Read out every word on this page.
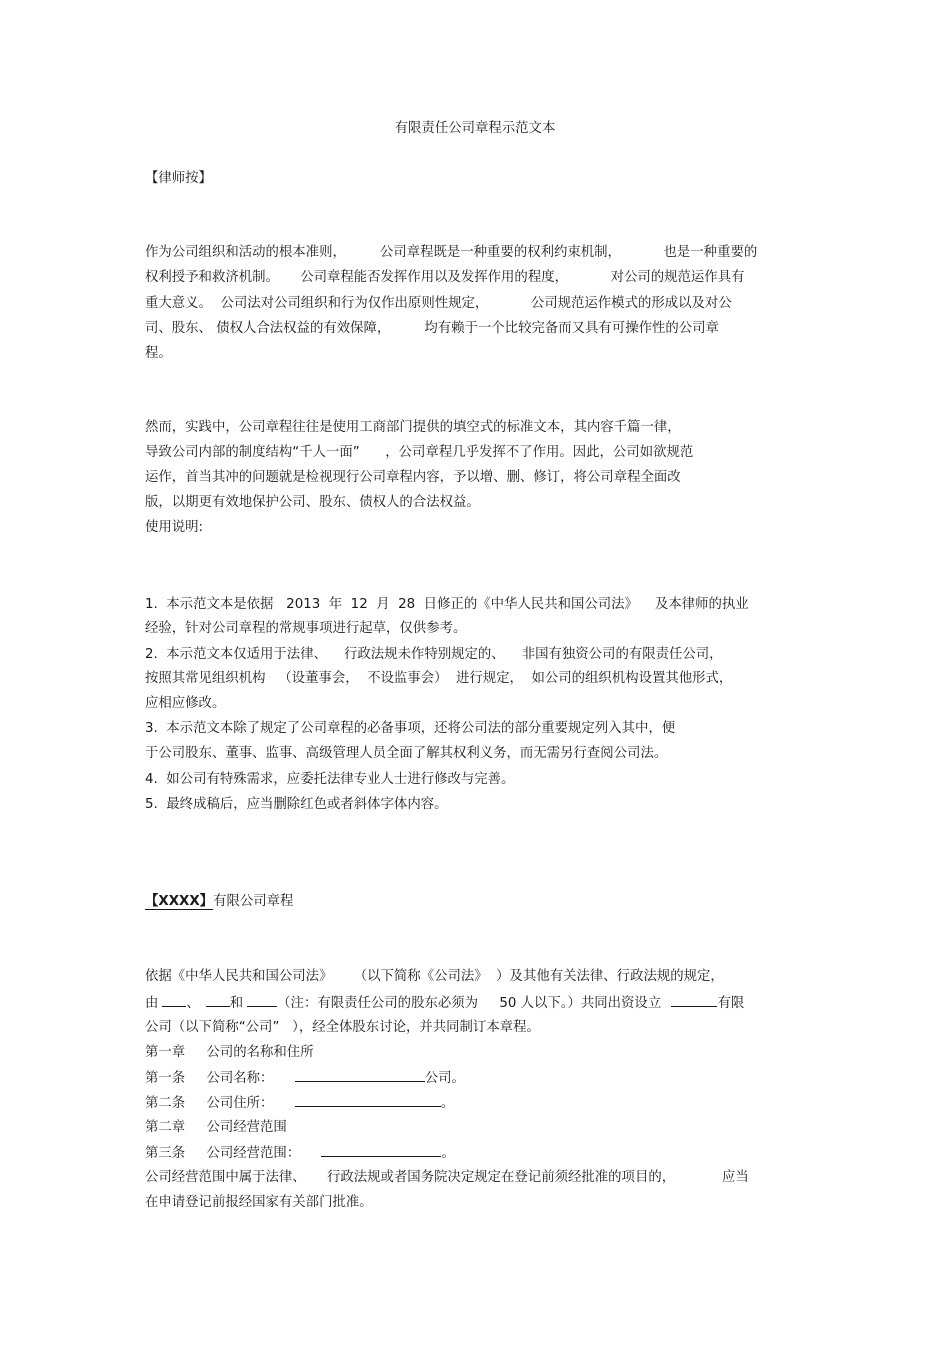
有限责任公司章程示范文本
【律师按】
作为公司组织和活动的根本准则，        公司章程既是一种重要的权利约束机制，          也是一种重要的
权利授予和救济机制。     公司章程能否发挥作用以及发挥作用的程度，          对公司的规范运作具有
重大意义。  公司法对公司组织和行为仅作出原则性规定，          公司规范运作模式的形成以及对公
司、股东、 债权人合法权益的有效保障，        均有赖于一个比较完备而又具有可操作性的公司章
程。
然而，实践中，公司章程往往是使用工商部门提供的填空式的标准文本，其内容千篇一律，
导致公司内部的制度结构“千人一面”      ，公司章程几乎发挥不了作用。因此，公司如欲规范
运作，首当其冲的问题就是检视现行公司章程内容，予以增、删、修订，将公司章程全面改
版，以期更有效地保护公司、股东、债权人的合法权益。
使用说明:
1.  本示范文本是依据   2013  年  12  月  28  日修正的《中华人民共和国公司法》    及本律师的执业
经验，针对公司章程的常规事项进行起草，仅供参考。
2.  本示范文本仅适用于法律、    行政法规未作特别规定的、    非国有独资公司的有限责任公司，
按照其常见组织机构   （设董事会，  不设监事会）  进行规定，  如公司的组织机构设置其他形式，
应相应修改。
3.  本示范文本除了规定了公司章程的必备事项，还将公司法的部分重要规定列入其中，便
于公司股东、董事、监事、高级管理人员全面了解其权利义务，而无需另行查阅公司法。
4.  如公司有特殊需求，应委托法律专业人士进行修改与完善。
5.  最终成稿后，应当删除红色或者斜体字体内容。
【XXXX】有限公司章程
依据《中华人民共和国公司法》     （以下简称《公司法》  ）及其他有关法律、行政法规的规定，
由 、 和	（注：有限责任公司的股东必须为     50 人以下。）共同出资设立	有限
公司（以下简称“公司”   ），经全体股东讨论，并共同制订本章程。
第一章     公司的名称和住所
第一条     公司名称：	公司。
第二条     公司住所：	。
第二章     公司经营范围
第三条     公司经营范围：	。
公司经营范围中属于法律、     行政法规或者国务院决定规定在登记前须经批准的项目的，           应当
在申请登记前报经国家有关部门批准。
